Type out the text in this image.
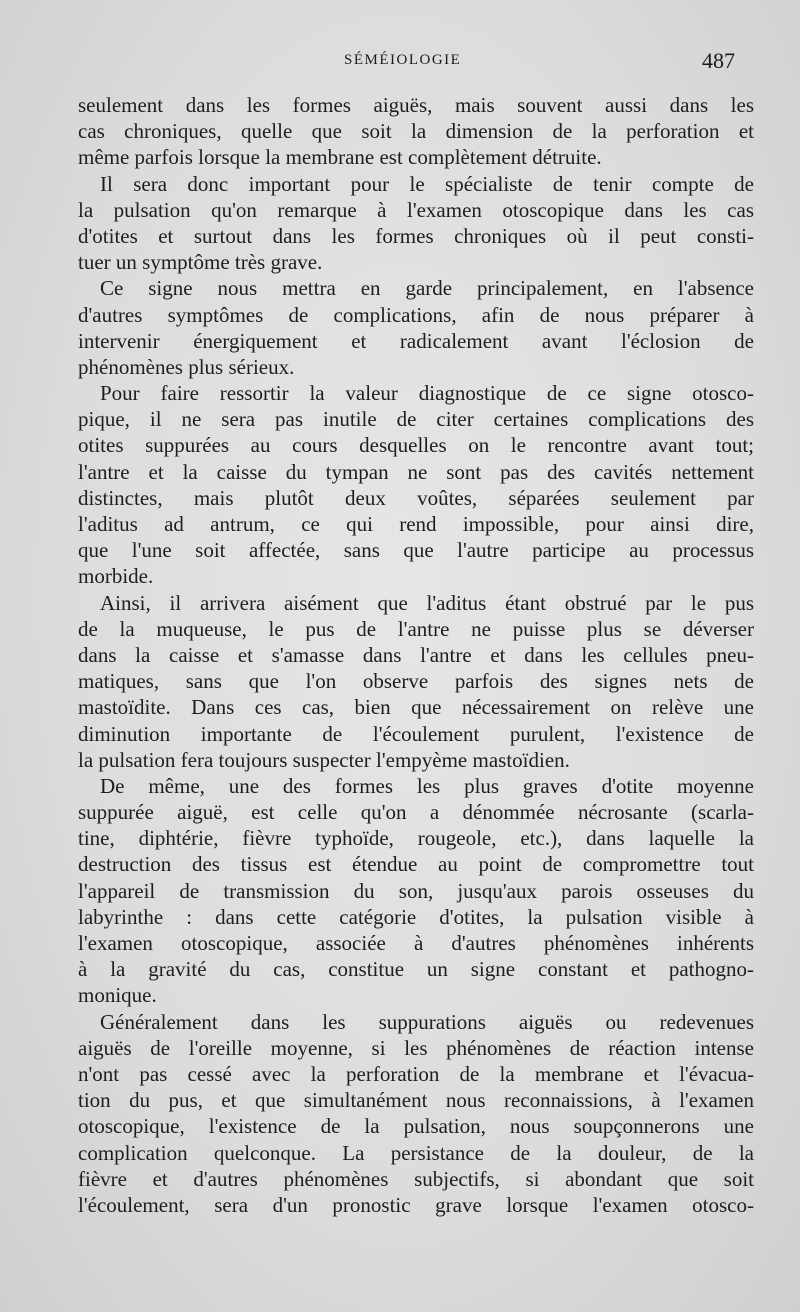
SÉMÉIOLOGIE	487
seulement dans les formes aiguës, mais souvent aussi dans les
cas chroniques, quelle que soit la dimension de la perforation et
même parfois lorsque la membrane est complètement détruite.
Il sera donc important pour le spécialiste de tenir compte de
la pulsation qu'on remarque à l'examen otoscopique dans les cas
d'otites et surtout dans les formes chroniques où il peut consti-
tuer un symptôme très grave.
Ce signe nous mettra en garde principalement, en l'absence
d'autres symptômes de complications, afin de nous préparer à
intervenir énergiquement et radicalement avant l'éclosion de
phénomènes plus sérieux.
Pour faire ressortir la valeur diagnostique de ce signe otosco-
pique, il ne sera pas inutile de citer certaines complications des
otites suppurées au cours desquelles on le rencontre avant tout;
l'antre et la caisse du tympan ne sont pas des cavités nettement
distinctes, mais plutôt deux voûtes, séparées seulement par
l'aditus ad antrum, ce qui rend impossible, pour ainsi dire,
que l'une soit affectée, sans que l'autre participe au processus
morbide.
Ainsi, il arrivera aisément que l'aditus étant obstrué par le pus
de la muqueuse, le pus de l'antre ne puisse plus se déverser
dans la caisse et s'amasse dans l'antre et dans les cellules pneu-
matiques, sans que l'on observe parfois des signes nets de
mastoïdite. Dans ces cas, bien que nécessairement on relève une
diminution importante de l'écoulement purulent, l'existence de
la pulsation fera toujours suspecter l'empyème mastoïdien.
De même, une des formes les plus graves d'otite moyenne
suppurée aiguë, est celle qu'on a dénommée nécrosante (scarla-
tine, diphtérie, fièvre typhoïde, rougeole, etc.), dans laquelle la
destruction des tissus est étendue au point de compromettre tout
l'appareil de transmission du son, jusqu'aux parois osseuses du
labyrinthe : dans cette catégorie d'otites, la pulsation visible à
l'examen otoscopique, associée à d'autres phénomènes inhérents
à la gravité du cas, constitue un signe constant et pathogno-
monique.
Généralement dans les suppurations aiguës ou redevenues
aiguës de l'oreille moyenne, si les phénomènes de réaction intense
n'ont pas cessé avec la perforation de la membrane et l'évacua-
tion du pus, et que simultanément nous reconnaissions, à l'examen
otoscopique, l'existence de la pulsation, nous soupçonnerons une
complication quelconque. La persistance de la douleur, de la
fièvre et d'autres phénomènes subjectifs, si abondant que soit
l'écoulement, sera d'un pronostic grave lorsque l'examen otosco-
